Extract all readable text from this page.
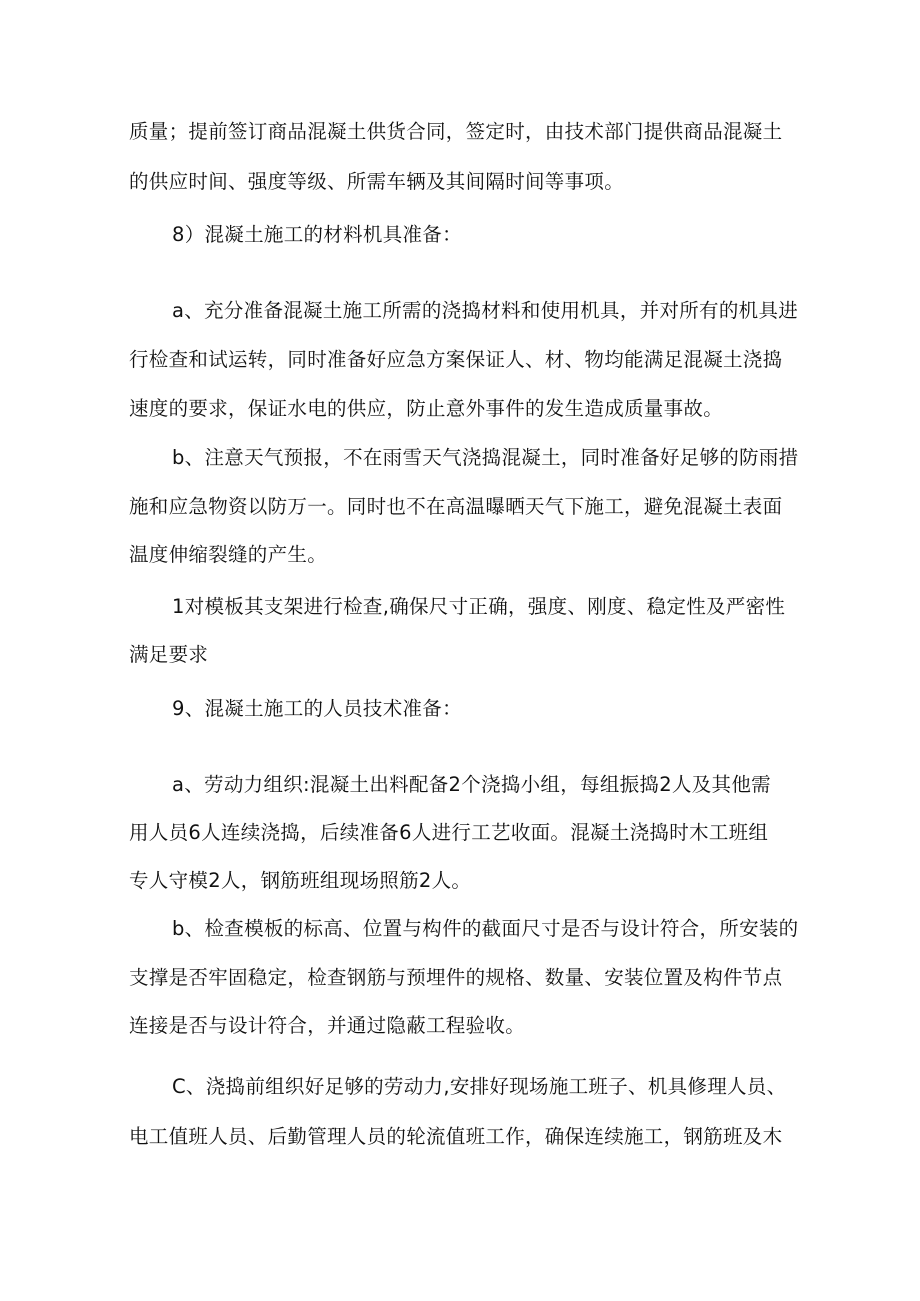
质量；提前签订商品混凝土供货合同，签定时，由技术部门提供商品混凝土
的供应时间、强度等级、所需车辆及其间隔时间等事项。
8）混凝土施工的材料机具准备：
a、充分准备混凝土施工所需的浇捣材料和使用机具，并对所有的机具进
行检查和试运转，同时准备好应急方案保证人、材、物均能满足混凝土浇捣
速度的要求，保证水电的供应，防止意外事件的发生造成质量事故。
b、注意天气预报，不在雨雪天气浇捣混凝土，同时准备好足够的防雨措
施和应急物资以防万一。同时也不在高温曝晒天气下施工，避免混凝土表面
温度伸缩裂缝的产生。
1对模板其支架进行检查,确保尺寸正确，强度、刚度、稳定性及严密性
满足要求
9、混凝土施工的人员技术准备：
a、劳动力组织:混凝土出料配备2个浇捣小组，每组振捣2人及其他需
用人员6人连续浇捣，后续准备6人进行工艺收面。混凝土浇捣时木工班组
专人守模2人，钢筋班组现场照筋2人。
b、检查模板的标高、位置与构件的截面尺寸是否与设计符合，所安装的
支撑是否牢固稳定，检查钢筋与预埋件的规格、数量、安装位置及构件节点
连接是否与设计符合，并通过隐蔽工程验收。
C、浇捣前组织好足够的劳动力,安排好现场施工班子、机具修理人员、
电工值班人员、后勤管理人员的轮流值班工作，确保连续施工，钢筋班及木
